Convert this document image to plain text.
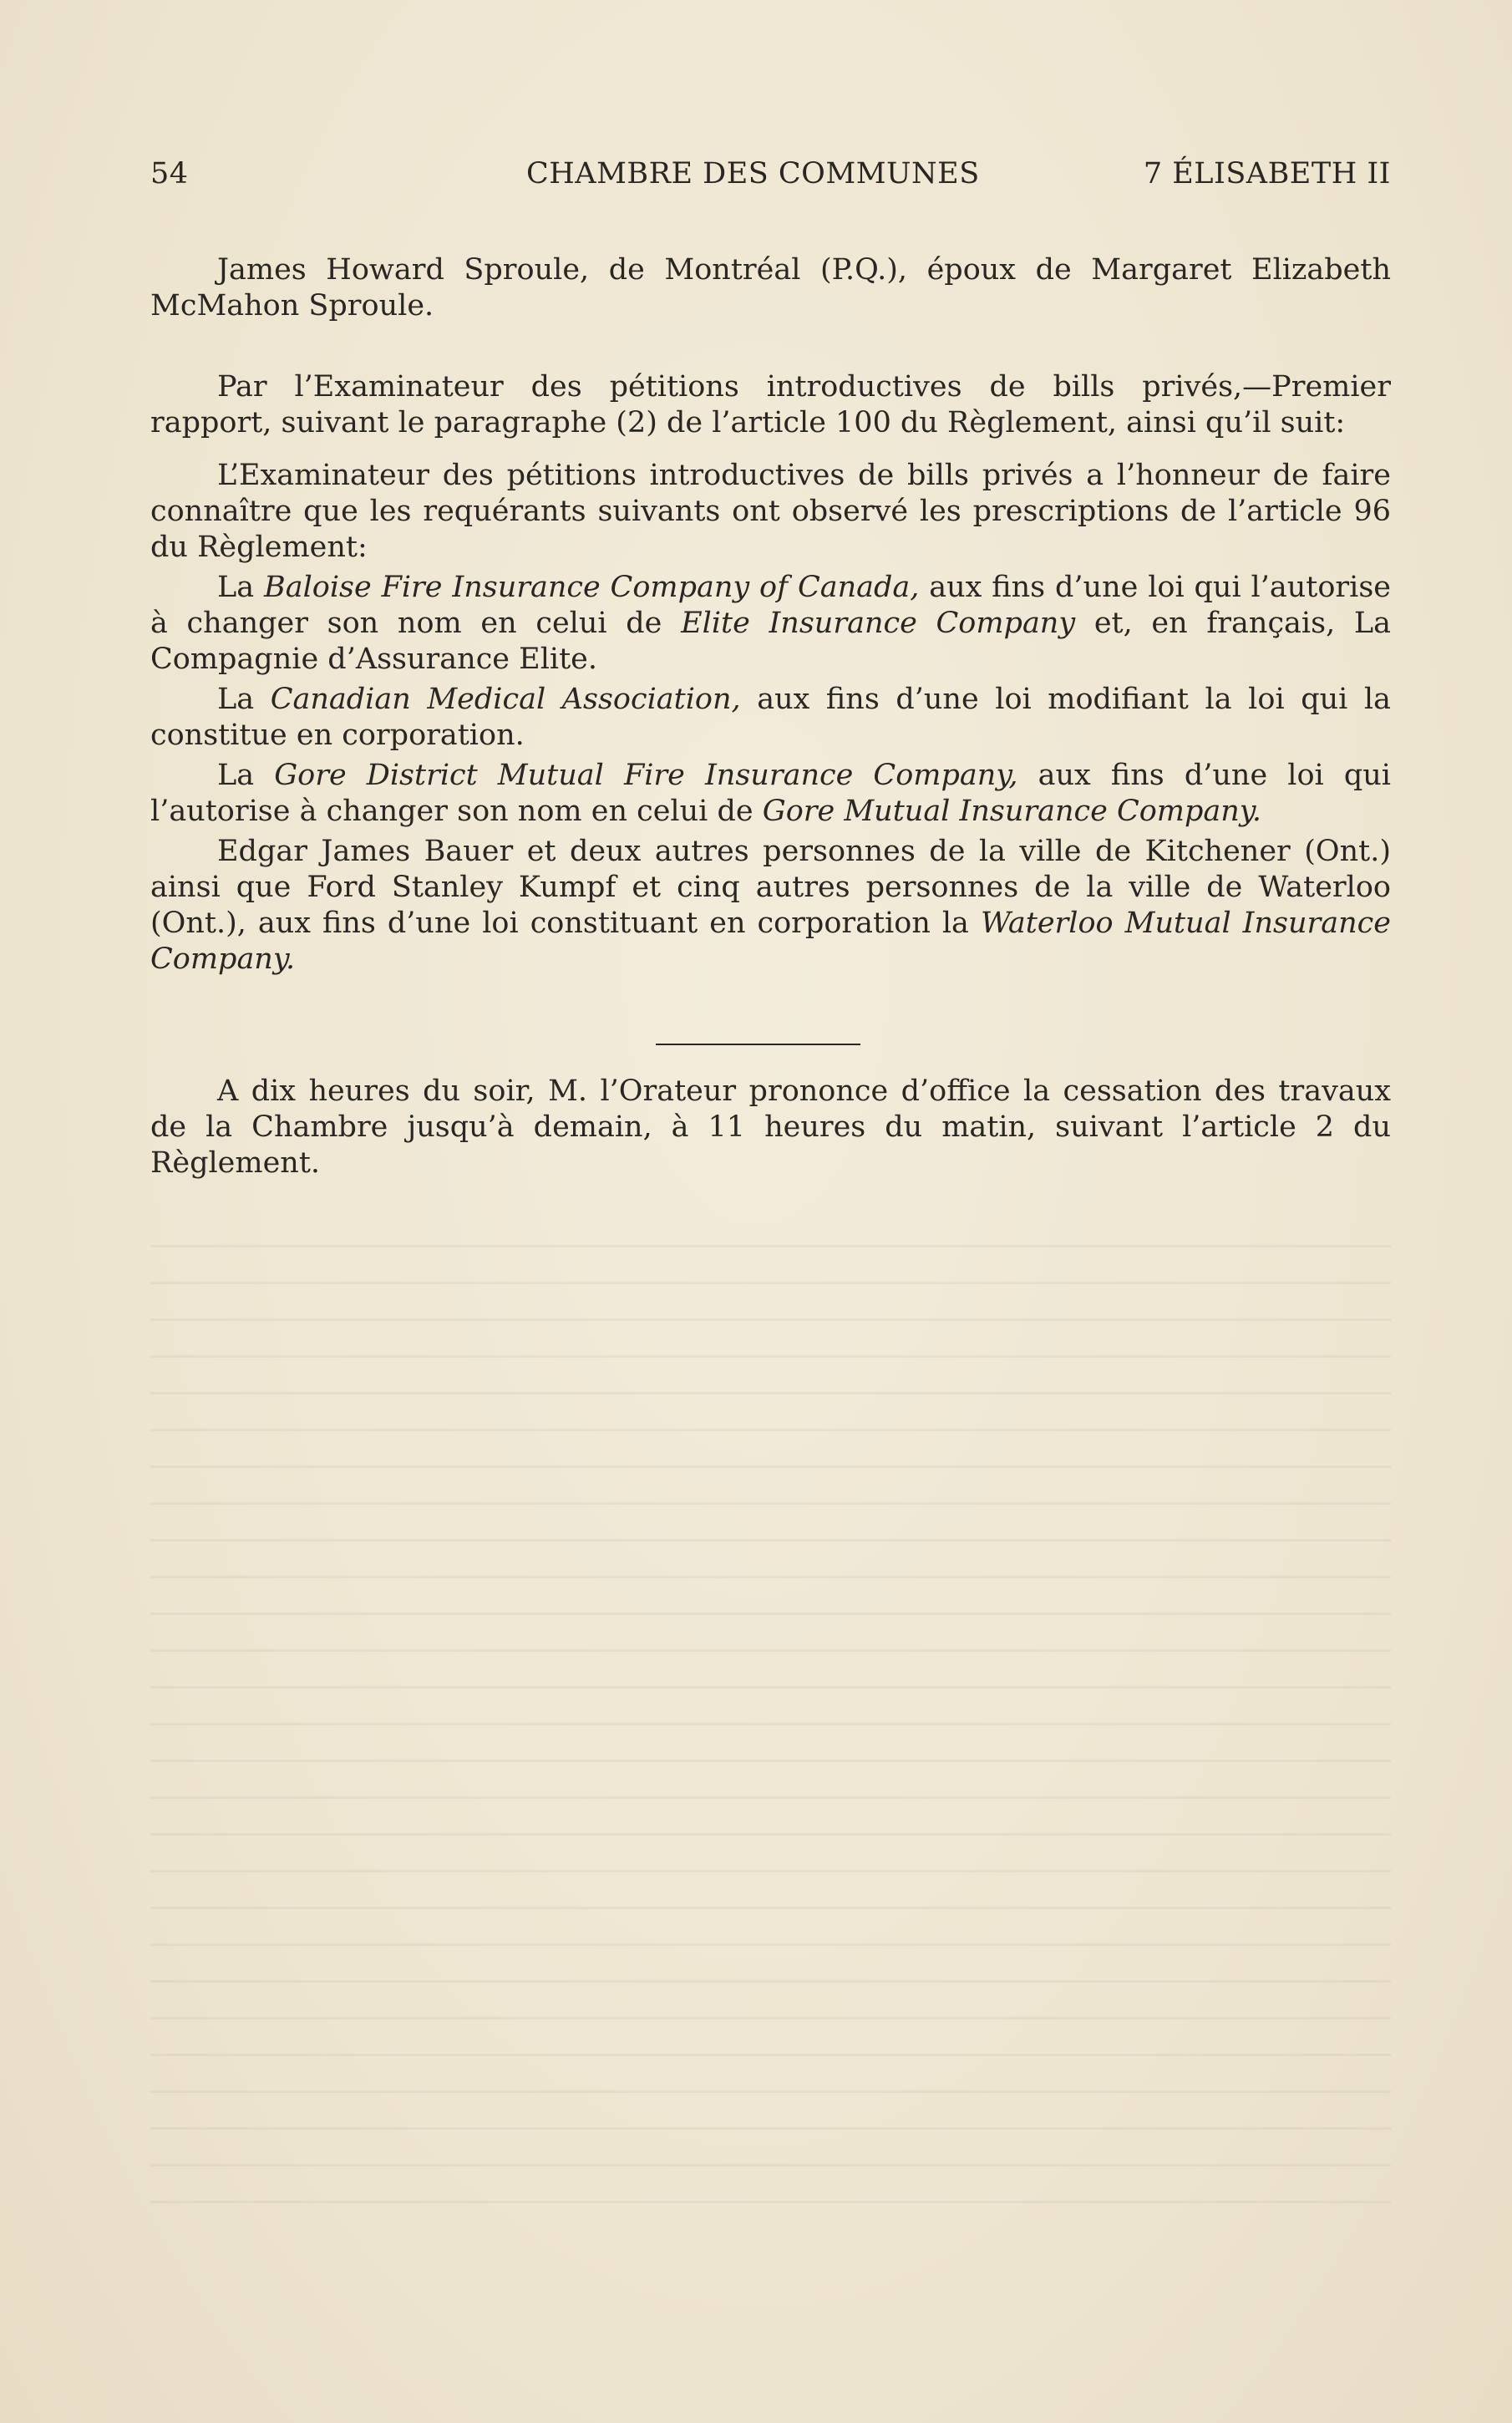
54	CHAMBRE DES COMMUNES	7 ÉLISABETH II

James Howard Sproule, de Montréal (P.Q.), époux de Margaret Elizabeth McMahon Sproule.

Par l’Examinateur des pétitions introductives de bills privés,—Premier rapport, suivant le paragraphe (2) de l’article 100 du Règlement, ainsi qu’il suit:

L’Examinateur des pétitions introductives de bills privés a l’honneur de faire connaître que les requérants suivants ont observé les prescriptions de l’article 96 du Règlement:

La Baloise Fire Insurance Company of Canada, aux fins d’une loi qui l’autorise à changer son nom en celui de Elite Insurance Company et, en français, La Compagnie d’Assurance Elite.

La Canadian Medical Association, aux fins d’une loi modifiant la loi qui la constitue en corporation.

La Gore District Mutual Fire Insurance Company, aux fins d’une loi qui l’autorise à changer son nom en celui de Gore Mutual Insurance Company.

Edgar James Bauer et deux autres personnes de la ville de Kitchener (Ont.) ainsi que Ford Stanley Kumpf et cinq autres personnes de la ville de Waterloo (Ont.), aux fins d’une loi constituant en corporation la Waterloo Mutual Insurance Company.

A dix heures du soir, M. l’Orateur prononce d’office la cessation des travaux de la Chambre jusqu’à demain, à 11 heures du matin, suivant l’article 2 du Règlement.
